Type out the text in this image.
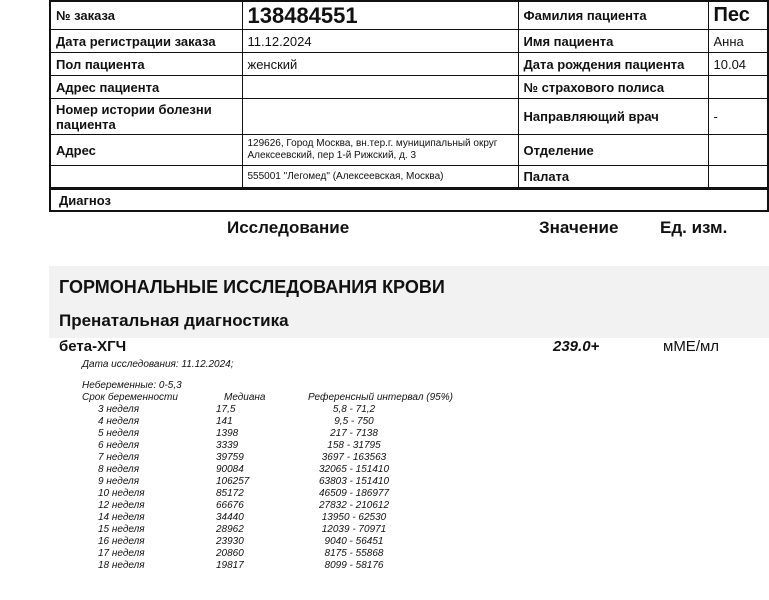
№ заказа	138484551	Фамилия пациента	Пес
Дата регистрации заказа	11.12.2024	Имя пациента	Анна
Пол пациента	женский	Дата рождения пациента	10.04
Адрес пациента		№ страхового полиса	
Номер истории болезни пациента		Направляющий врач	-
Адрес	129626, Город Москва, вн.тер.г. муниципальный округ Алексеевский, пер 1-й Рижский, д. 3	Отделение	
	555001 "Легомед" (Алексеевская, Москва)	Палата	
Диагноз
Исследование	Значение Ед. изм.
ГОРМОНАЛЬНЫЕ ИССЛЕДОВАНИЯ КРОВИ
Пренатальная диагностика
бета-ХГЧ	239.0+	мМЕ/мл
Дата исследования: 11.12.2024;
Небеременные: 0-5,3
Срок беременности	Медиана	Референсный интервал (95%)
3 неделя	17,5	5,8 - 71,2
4 неделя	141	9,5 - 750
5 неделя	1398	217 - 7138
6 неделя	3339	158 - 31795
7 неделя	39759	3697 - 163563
8 неделя	90084	32065 - 151410
9 неделя	106257	63803 - 151410
10 неделя	85172	46509 - 186977
12 неделя	66676	27832 - 210612
14 неделя	34440	13950 - 62530
15 неделя	28962	12039 - 70971
16 неделя	23930	9040 - 56451
17 неделя	20860	8175 - 55868
18 неделя	19817	8099 - 58176
